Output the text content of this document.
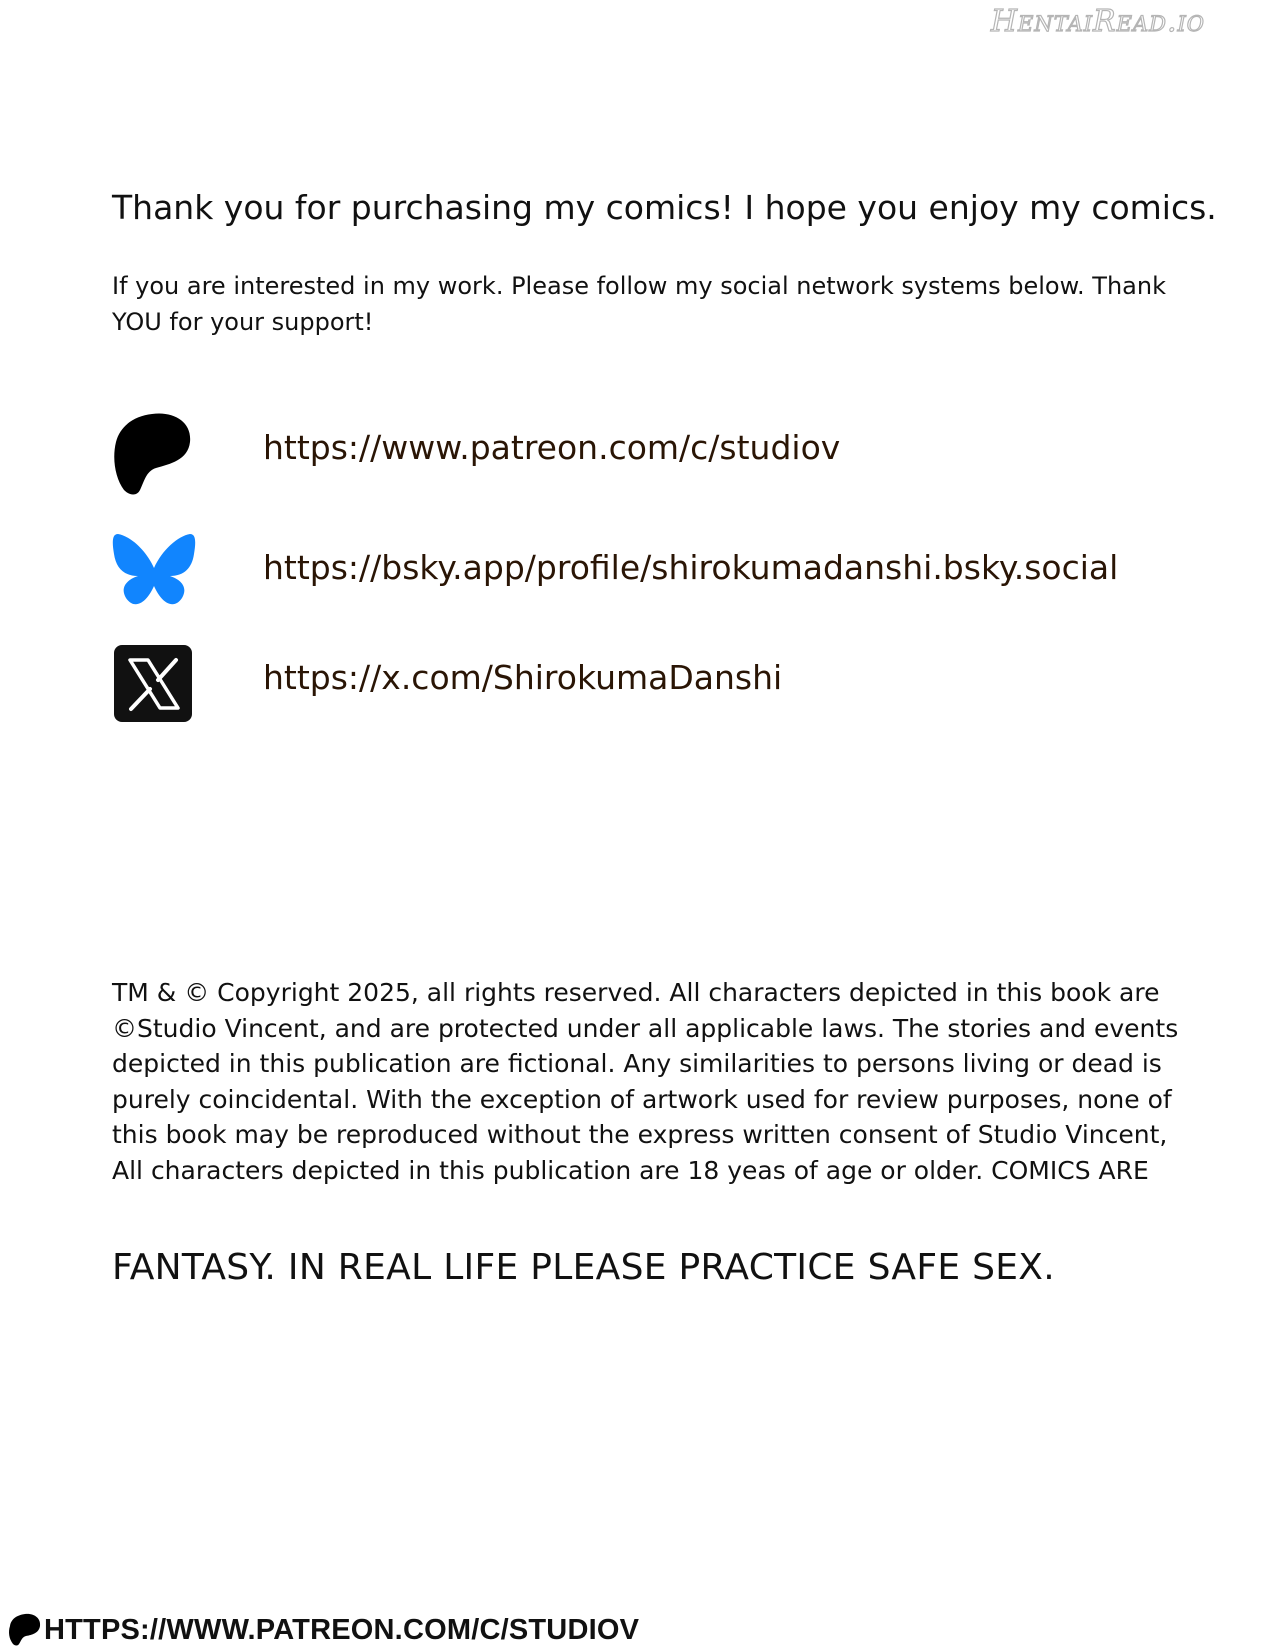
HentaiRead.io
Thank you for purchasing my comics! I hope you enjoy my comics.
If you are interested in my work. Please follow my social network systems below. Thank YOU for your support!
https://www.patreon.com/c/studiov
https://bsky.app/profile/shirokumadanshi.bsky.social
https://x.com/ShirokumaDanshi
TM & © Copyright 2025, all rights reserved. All characters depicted in this book are ©Studio Vincent, and are protected under all applicable laws. The stories and events depicted in this publication are fictional. Any similarities to persons living or dead is purely coincidental. With the exception of artwork used for review purposes, none of this book may be reproduced without the express written consent of Studio Vincent, All characters depicted in this publication are 18 yeas of age or older. COMICS ARE
FANTASY. IN REAL LIFE PLEASE PRACTICE SAFE SEX.
HTTPS://WWW.PATREON.COM/C/STUDIOV
